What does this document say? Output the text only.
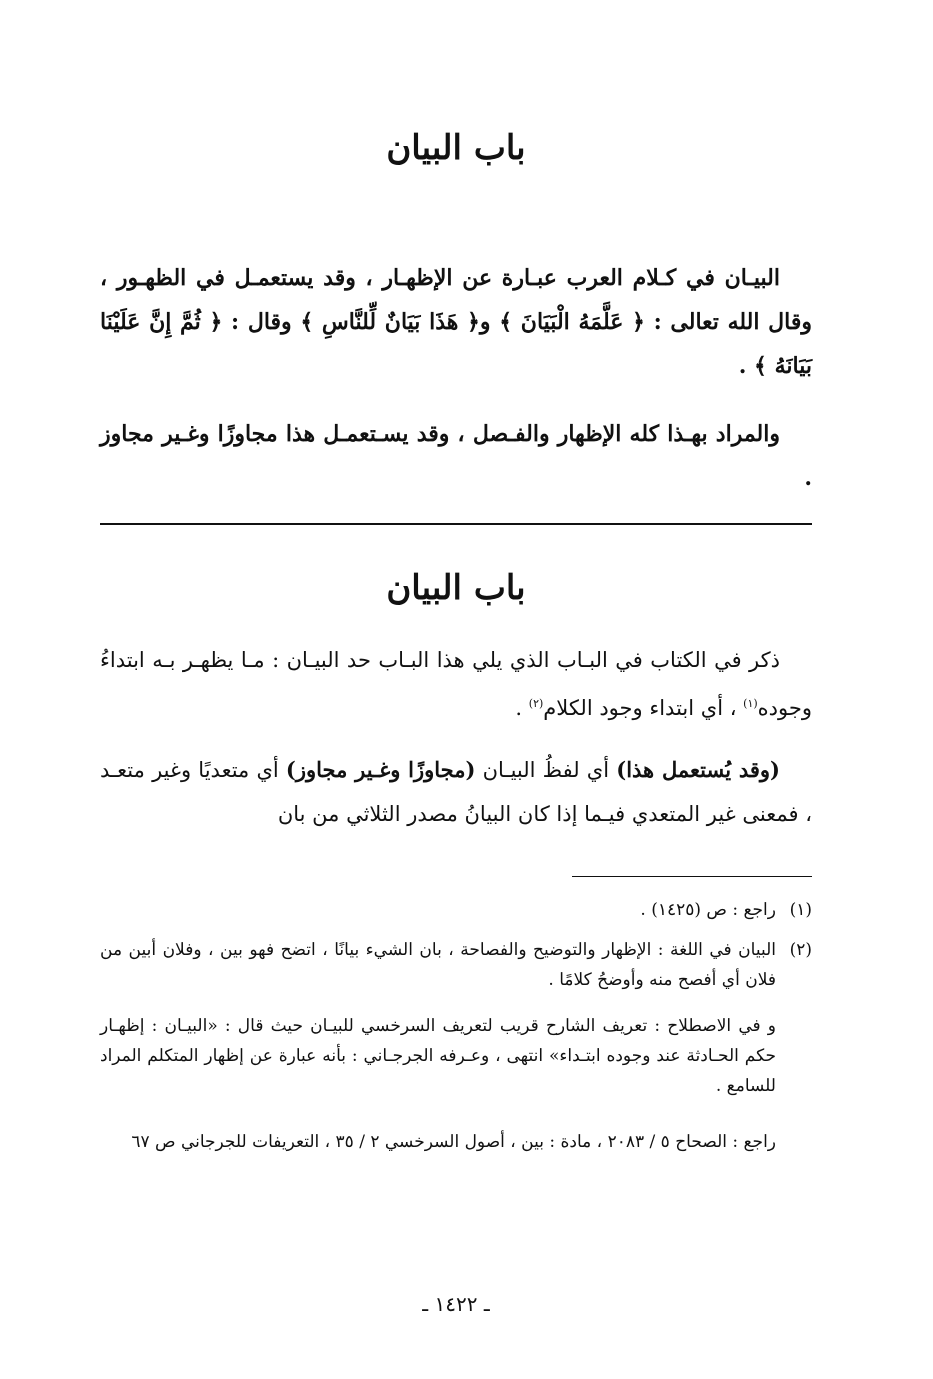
باب البيان
البيـان في كـلام العرب عبـارة عن الإظهـار ، وقد يستعمـل في الظهـور ، وقال الله تعالى : ﴿ عَلَّمَهُ الْبَيَانَ ﴾ و﴿ هَذَا بَيَانٌ لِّلنَّاسِ ﴾ وقال : ﴿ ثُمَّ إِنَّ عَلَيْنَا بَيَانَهُ ﴾ .
والمراد بهـذا كله الإظهار والفـصل ، وقد يسـتعمـل هذا مجاوزًا وغـير مجاوز .
باب البيان
ذكر في الكتاب في البـاب الذي يلي هذا البـاب حد البيـان : مـا يظهـر بـه ابتداءُ وجوده$^{(١)}$ ، أي ابتداء وجود الكلام$^{(٢)}$ .
(وقد يُستعمل هذا) أي لفظُ البيـان (مجاوزًا وغـير مجاوز) أي متعديًا وغير متعـد ، فمعنى غير المتعدي فيـما إذا كان البيانُ مصدر الثلاثي من بان
(١)راجع : ص (١٤٢٥) .
(٢)
البيان في اللغة : الإظهار والتوضيح والفصاحة ، بان الشيء بيانًا ، اتضح فهو بين ، وفلان أبين من فلان أي أفصح منه وأوضحُ كلامًا .
و في الاصطلاح : تعريف الشارح قريب لتعريف السرخسي للبيـان حيث قال : «البيـان : إظهـار حكم الحـادثة عند وجوده ابتـداء» انتهى ، وعـرفه الجرجـاني : بأنه عبارة عن إظهار المتكلم المراد للسامع .
راجع : الصحاح ٥ / ٢٠٨٣ ، مادة : بين ، أصول السرخسي ٢ / ٣٥ ، التعريفات للجرجاني ص ٦٧
ـ ١٤٢٢ ـ
